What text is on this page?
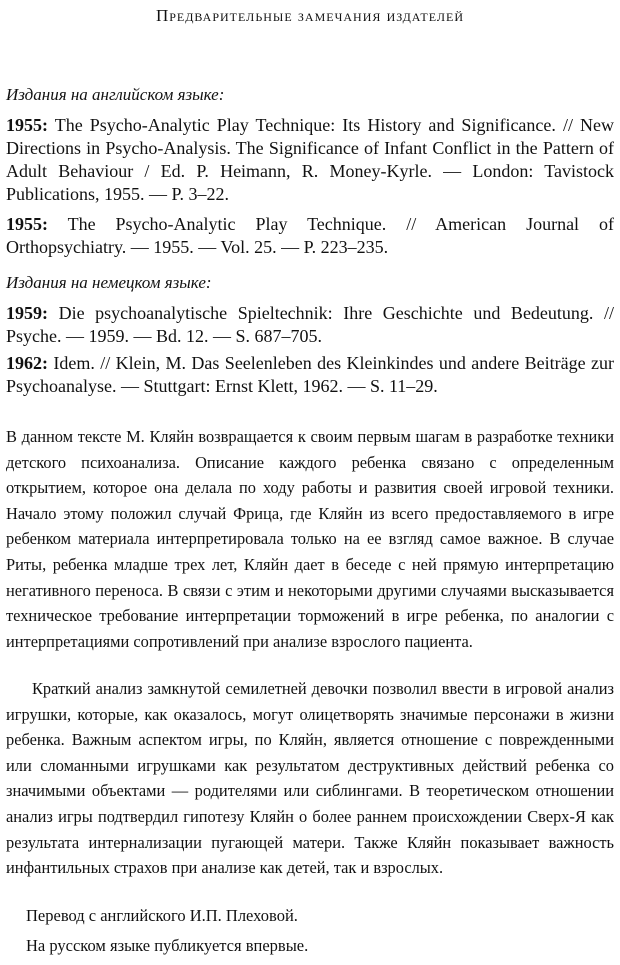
Предварительные замечания издателей
Издания на английском языке:
1955: The Psycho-Analytic Play Technique: Its History and Significance. // New Directions in Psycho-Analysis. The Significance of Infant Conflict in the Pattern of Adult Behaviour / Ed. P. Heimann, R. Money-Kyrle. — London: Tavistock Publications, 1955. — P. 3–22.
1955: The Psycho-Analytic Play Technique. // American Journal of Orthopsychiatry. — 1955. — Vol. 25. — P. 223–235.
Издания на немецком языке:
1959: Die psychoanalytische Spieltechnik: Ihre Geschichte und Bedeutung. // Psyche. — 1959. — Bd. 12. — S. 687–705.
1962: Idem. // Klein, M. Das Seelenleben des Kleinkindes und andere Beiträge zur Psychoanalyse. — Stuttgart: Ernst Klett, 1962. — S. 11–29.
В данном тексте М. Кляйн возвращается к своим первым шагам в разработке техники детского психоанализа. Описание каждого ребенка связано с определенным открытием, которое она делала по ходу работы и развития своей игровой техники. Начало этому положил случай Фрица, где Кляйн из всего предоставляемого в игре ребенком материала интерпретировала только на ее взгляд самое важное. В случае Риты, ребенка младше трех лет, Кляйн дает в беседе с ней прямую интерпретацию негативного переноса. В связи с этим и некоторыми другими случаями высказывается техническое требование интерпретации торможений в игре ребенка, по аналогии с интерпретациями сопротивлений при анализе взрослого пациента.
Краткий анализ замкнутой семилетней девочки позволил ввести в игровой анализ игрушки, которые, как оказалось, могут олицетворять значимые персонажи в жизни ребенка. Важным аспектом игры, по Кляйн, является отношение с поврежденными или сломанными игрушками как результатом деструктивных действий ребенка со значимыми объектами — родителями или сиблингами. В теоретическом отношении анализ игры подтвердил гипотезу Кляйн о более раннем происхождении Сверх-Я как результата интернализации пугающей матери. Также Кляйн показывает важность инфантильных страхов при анализе как детей, так и взрослых.
Перевод с английского И.П. Плеховой.
На русском языке публикуется впервые.
